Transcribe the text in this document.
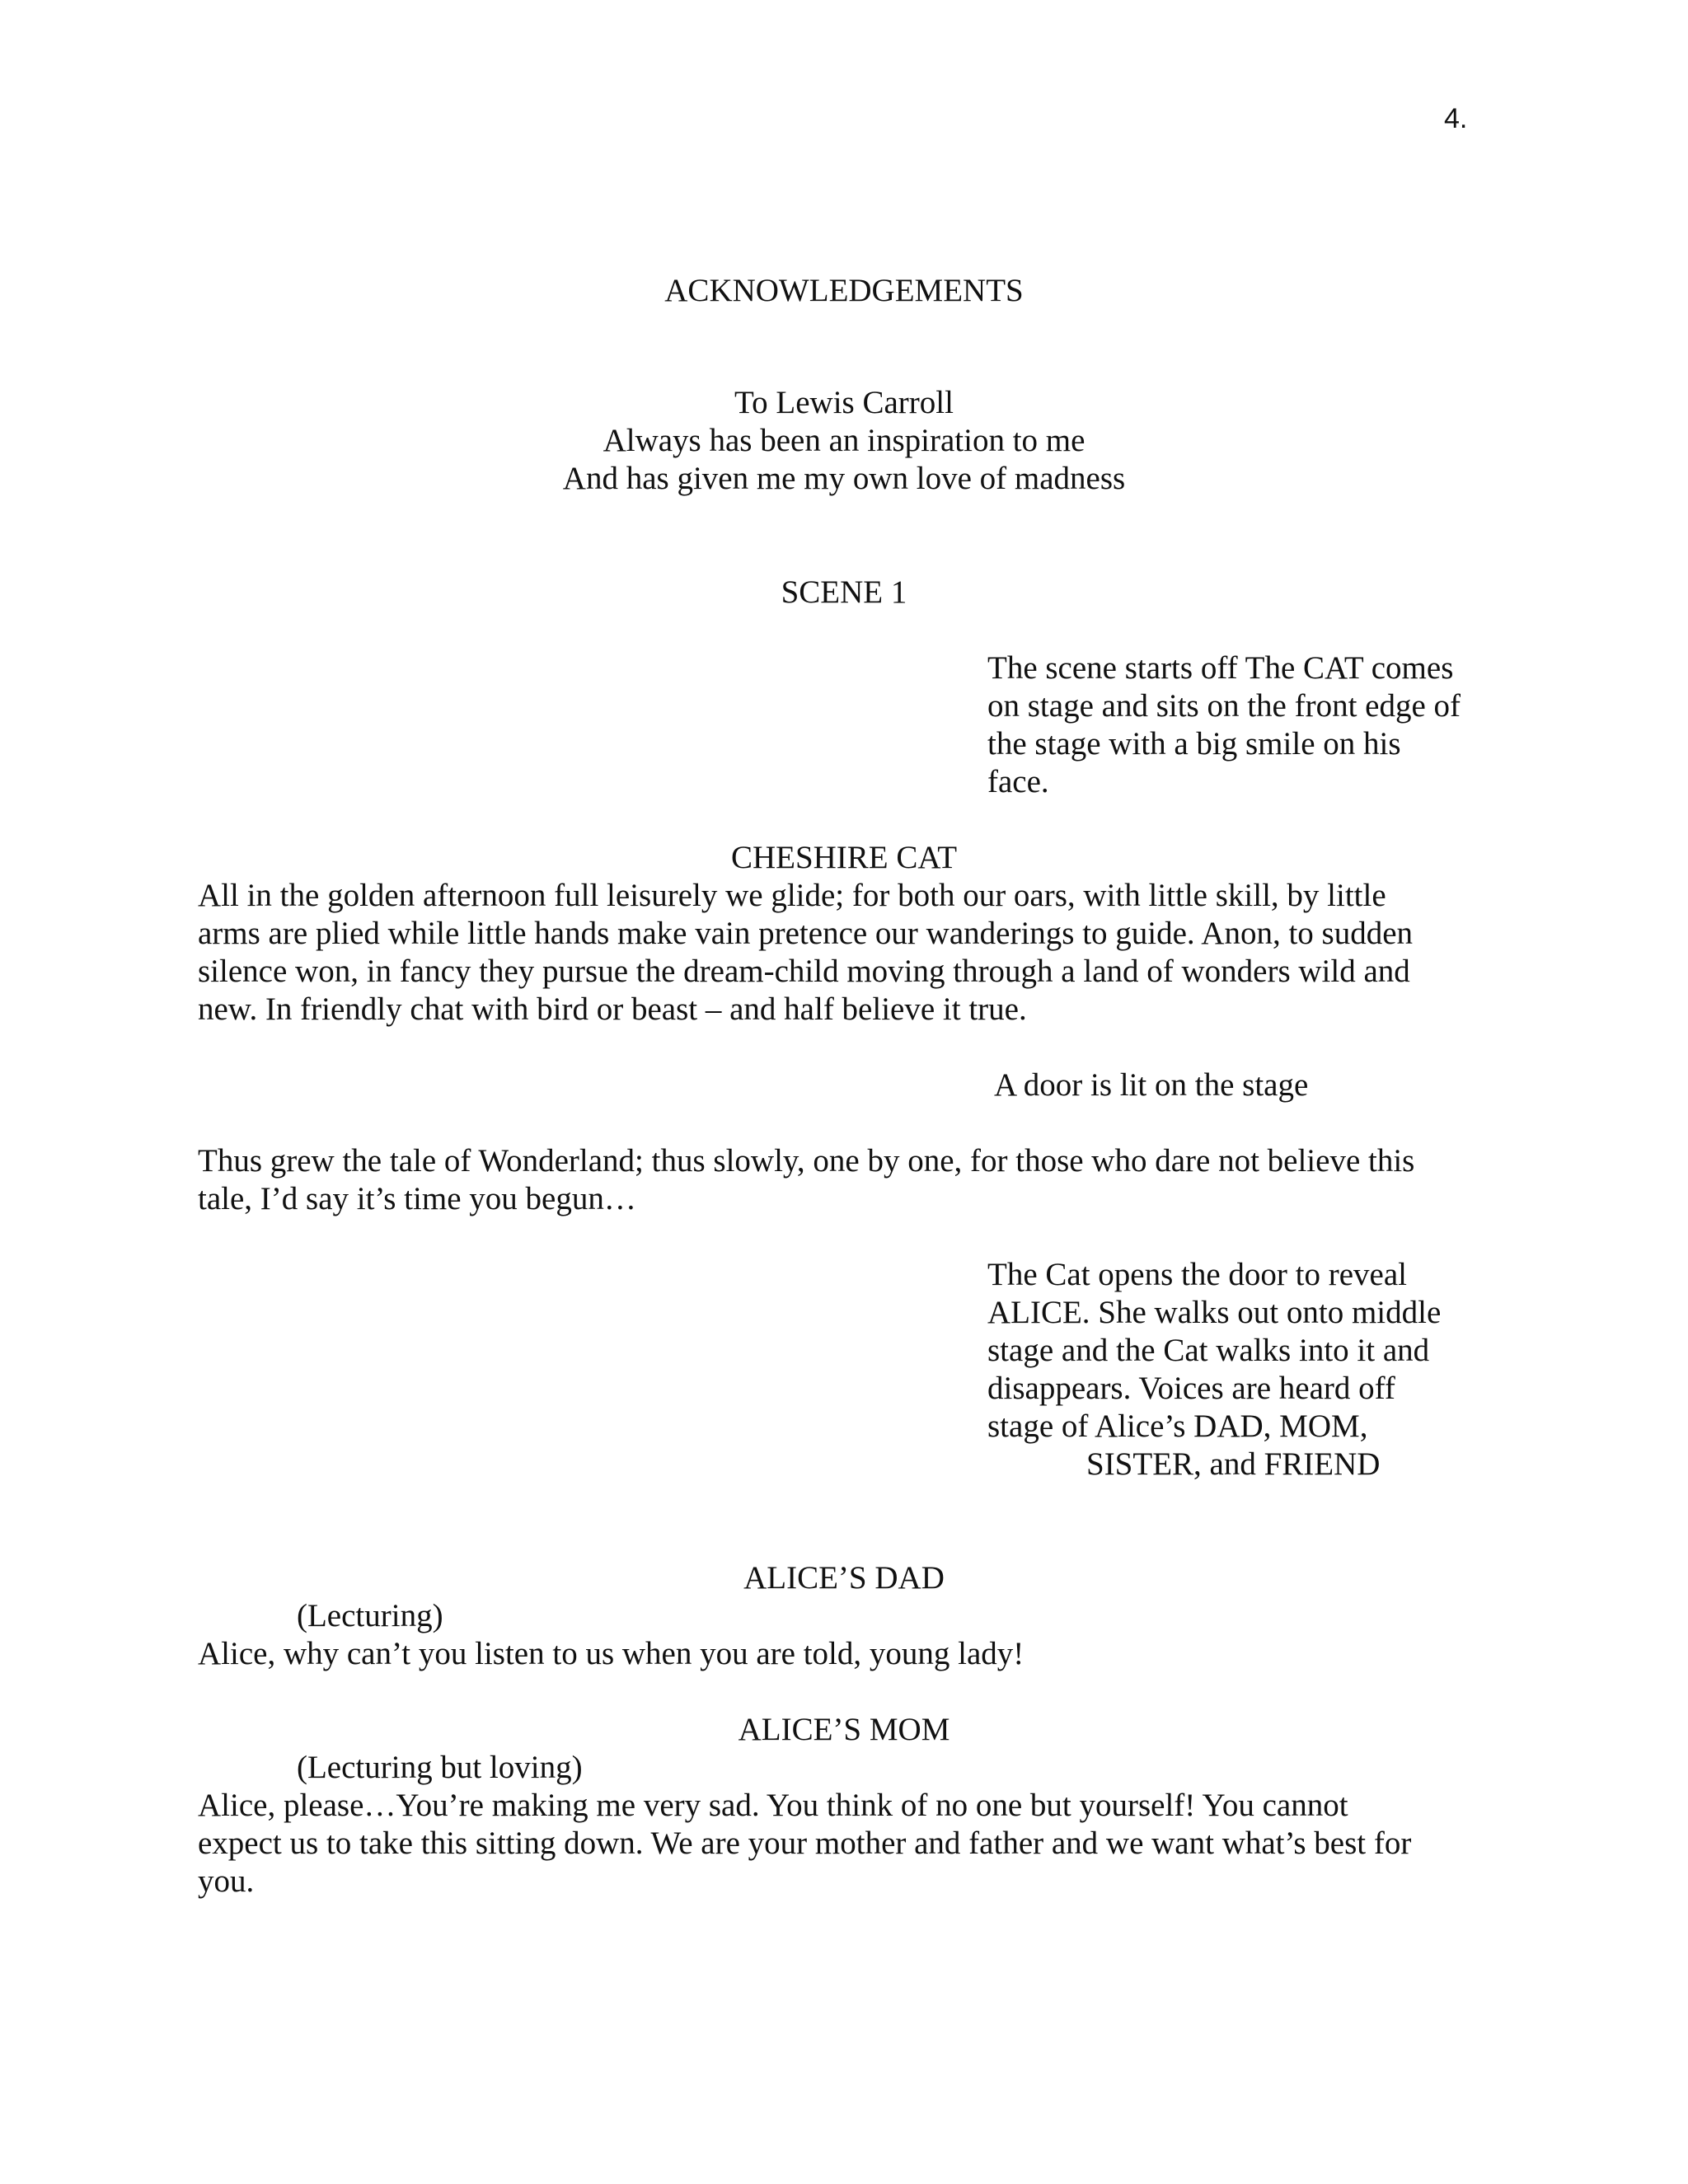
4.
ACKNOWLEDGEMENTS
To Lewis Carroll
Always has been an inspiration to me
And has given me my own love of madness
SCENE 1
The scene starts off The CAT comes
on stage and sits on the front edge of
the stage with a big smile on his
face.
CHESHIRE CAT
All in the golden afternoon full leisurely we glide; for both our oars, with little skill, by little
arms are plied while little hands make vain pretence our wanderings to guide. Anon, to sudden
silence won, in fancy they pursue the dream-child moving through a land of wonders wild and
new. In friendly chat with bird or beast – and half believe it true.
A door is lit on the stage
Thus grew the tale of Wonderland; thus slowly, one by one, for those who dare not believe this
tale, I’d say it’s time you begun…
The Cat opens the door to reveal
ALICE. She walks out onto middle
stage and the Cat walks into it and
disappears. Voices are heard off
stage of Alice’s DAD, MOM,
SISTER, and FRIEND
ALICE’S DAD
(Lecturing)
Alice, why can’t you listen to us when you are told, young lady!
ALICE’S MOM
(Lecturing but loving)
Alice, please…You’re making me very sad. You think of no one but yourself! You cannot
expect us to take this sitting down. We are your mother and father and we want what’s best for
you.
